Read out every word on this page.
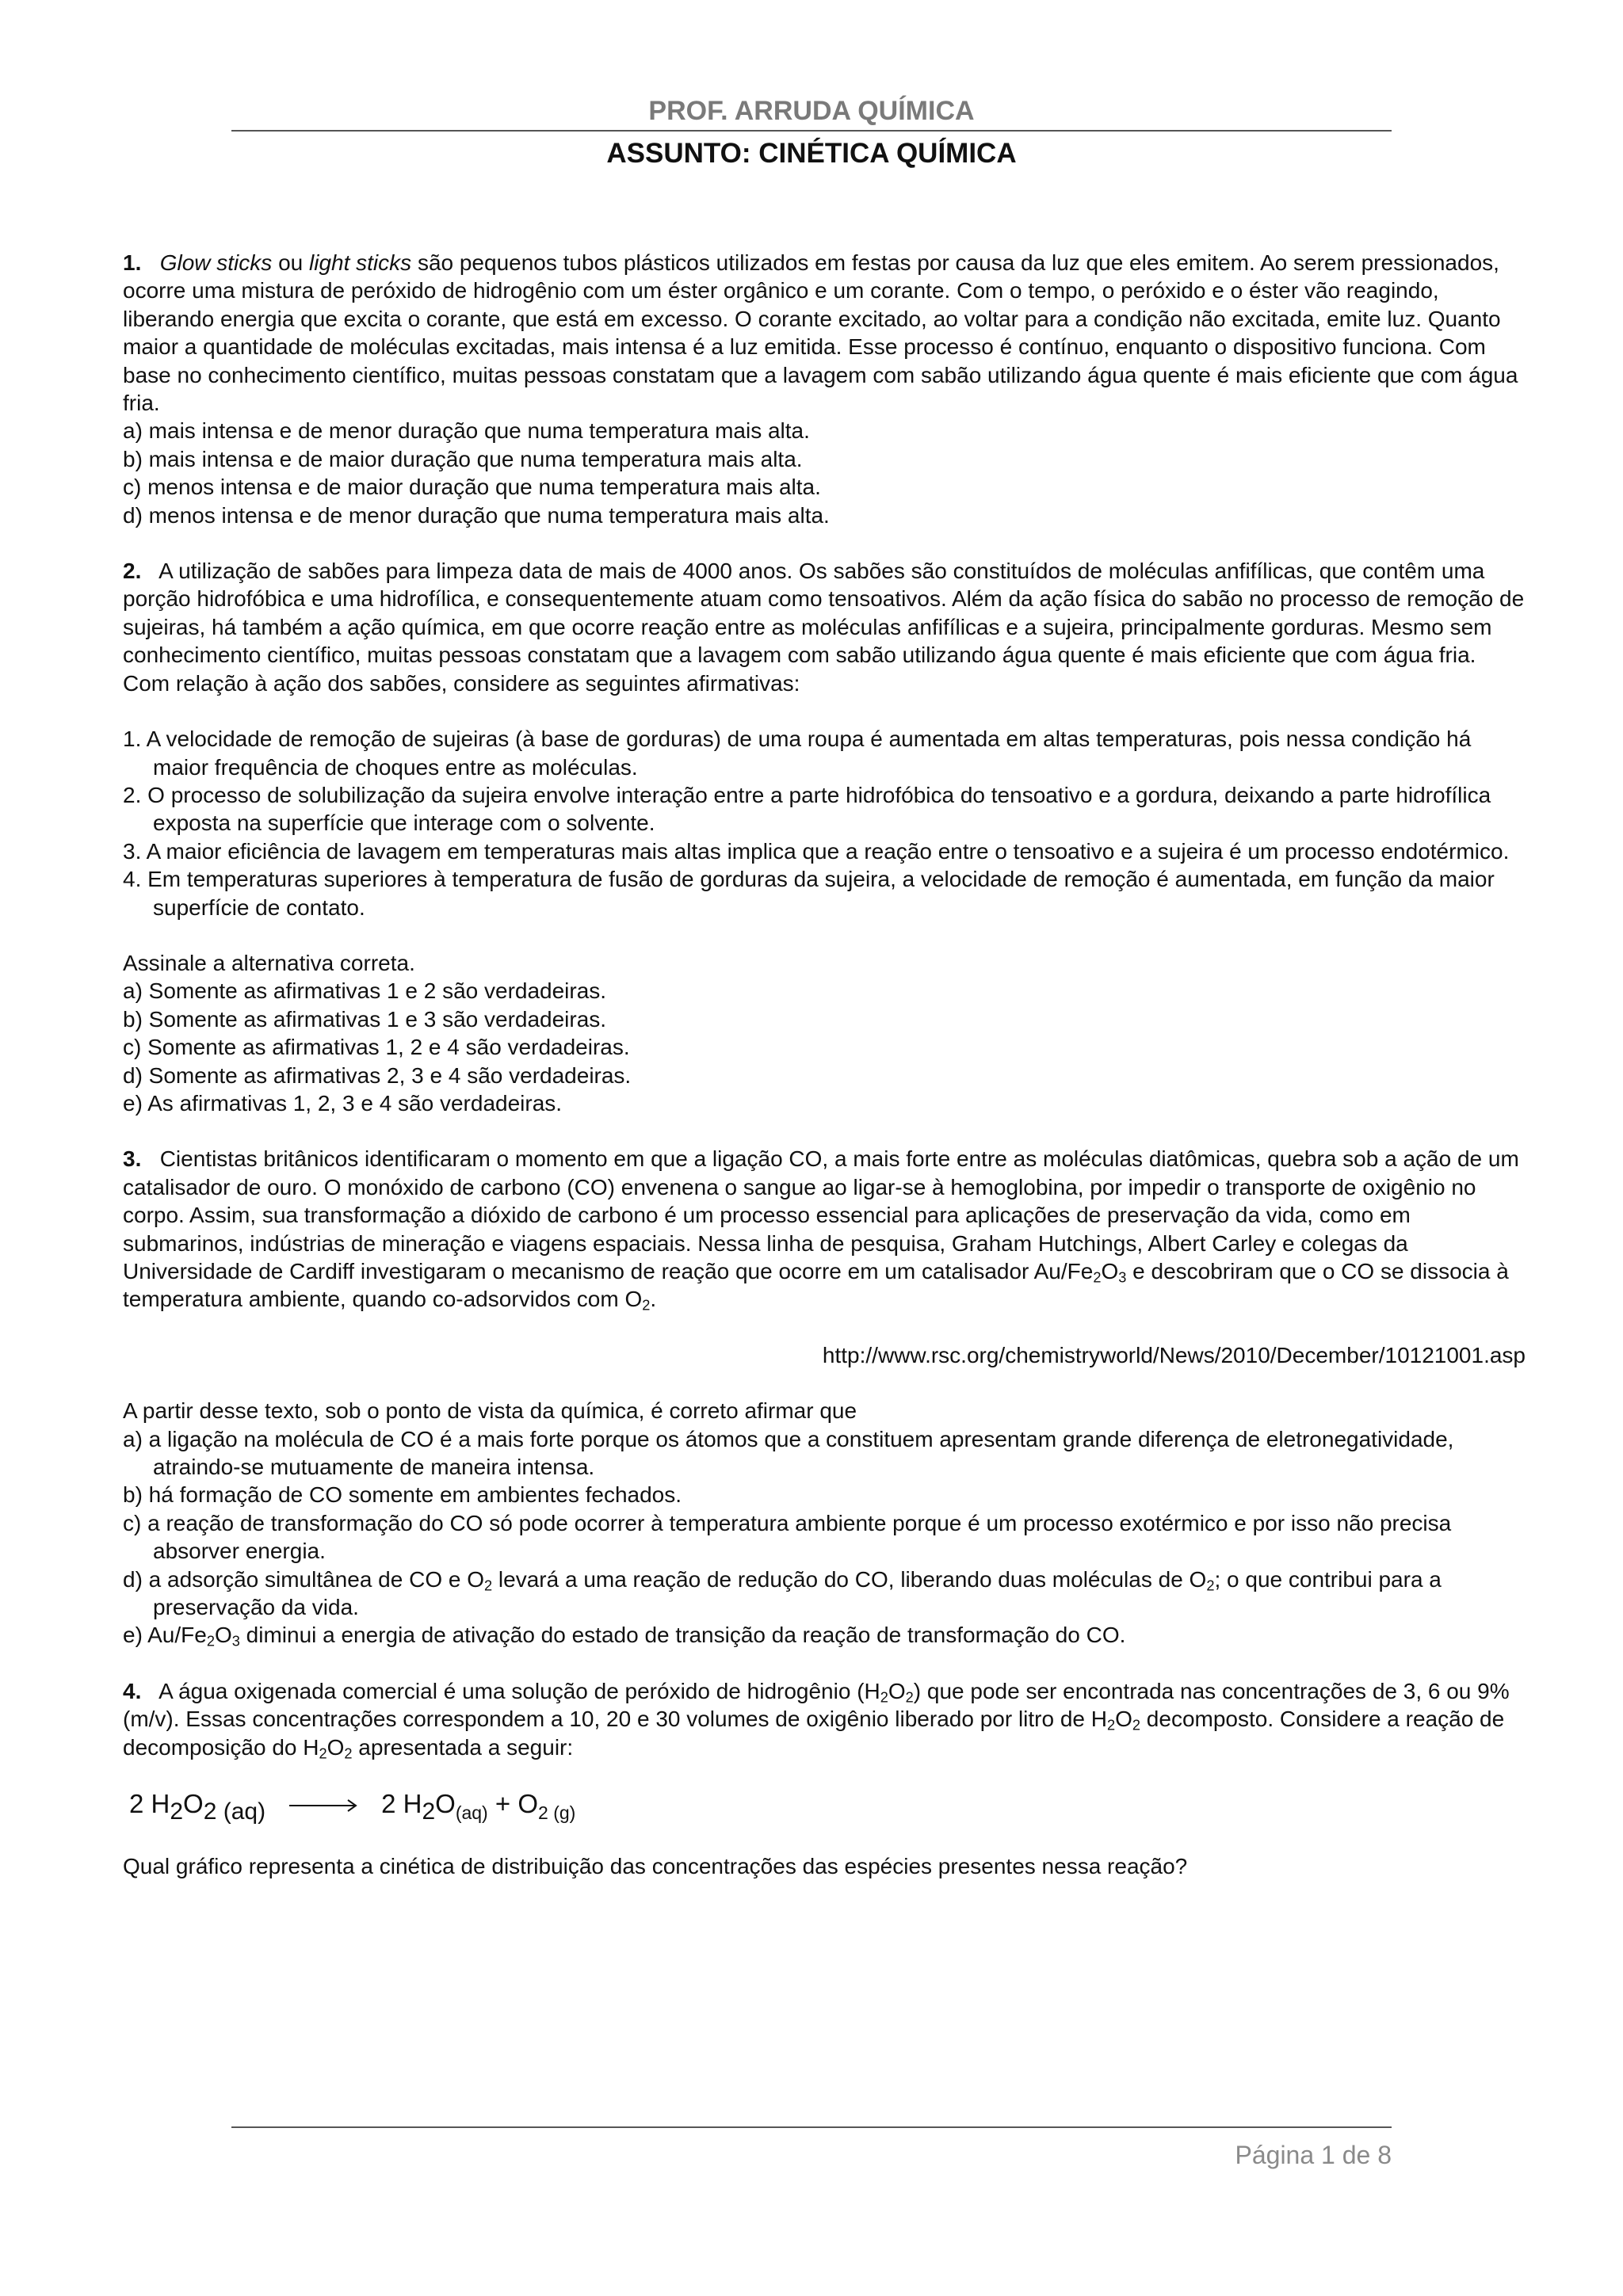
PROF. ARRUDA QUÍMICA
ASSUNTO: CINÉTICA QUÍMICA

1. Glow sticks ou light sticks são pequenos tubos plásticos utilizados em festas por causa da luz que eles emitem. Ao serem pressionados, ocorre uma mistura de peróxido de hidrogênio com um éster orgânico e um corante. Com o tempo, o peróxido e o éster vão reagindo, liberando energia que excita o corante, que está em excesso. O corante excitado, ao voltar para a condição não excitada, emite luz. Quanto maior a quantidade de moléculas excitadas, mais intensa é a luz emitida. Esse processo é contínuo, enquanto o dispositivo funciona. Com base no conhecimento científico, muitas pessoas constatam que a lavagem com sabão utilizando água quente é mais eficiente que com água fria.

a) mais intensa e de menor duração que numa temperatura mais alta.

b) mais intensa e de maior duração que numa temperatura mais alta.

c) menos intensa e de maior duração que numa temperatura mais alta.

d) menos intensa e de menor duração que numa temperatura mais alta.

2. A utilização de sabões para limpeza data de mais de 4000 anos. Os sabões são constituídos de moléculas anfifílicas, que contêm uma porção hidrofóbica e uma hidrofílica, e consequentemente atuam como tensoativos. Além da ação física do sabão no processo de remoção de sujeiras, há também a ação química, em que ocorre reação entre as moléculas anfifílicas e a sujeira, principalmente gorduras. Mesmo sem conhecimento científico, muitas pessoas constatam que a lavagem com sabão utilizando água quente é mais eficiente que com água fria. Com relação à ação dos sabões, considere as seguintes afirmativas:

1. A velocidade de remoção de sujeiras (à base de gorduras) de uma roupa é aumentada em altas temperaturas, pois nessa condição há maior frequência de choques entre as moléculas.

2. O processo de solubilização da sujeira envolve interação entre a parte hidrofóbica do tensoativo e a gordura, deixando a parte hidrofílica exposta na superfície que interage com o solvente.

3. A maior eficiência de lavagem em temperaturas mais altas implica que a reação entre o tensoativo e a sujeira é um processo endotérmico.

4. Em temperaturas superiores à temperatura de fusão de gorduras da sujeira, a velocidade de remoção é aumentada, em função da maior superfície de contato.

Assinale a alternativa correta.

a) Somente as afirmativas 1 e 2 são verdadeiras.

b) Somente as afirmativas 1 e 3 são verdadeiras.

c) Somente as afirmativas 1, 2 e 4 são verdadeiras.

d) Somente as afirmativas 2, 3 e 4 são verdadeiras.

e) As afirmativas 1, 2, 3 e 4 são verdadeiras.

3. Cientistas britânicos identificaram o momento em que a ligação CO, a mais forte entre as moléculas diatômicas, quebra sob a ação de um catalisador de ouro. O monóxido de carbono (CO) envenena o sangue ao ligar-se à hemoglobina, por impedir o transporte de oxigênio no corpo. Assim, sua transformação a dióxido de carbono é um processo essencial para aplicações de preservação da vida, como em submarinos, indústrias de mineração e viagens espaciais. Nessa linha de pesquisa, Graham Hutchings, Albert Carley e colegas da Universidade de Cardiff investigaram o mecanismo de reação que ocorre em um catalisador $Au/Fe_2O_3$ e descobriram que o CO se dissocia à temperatura ambiente, quando co-adsorvidos com $O_2$.

http://www.rsc.org/chemistryworld/News/2010/December/10121001.asp

A partir desse texto, sob o ponto de vista da química, é correto afirmar que

a) a ligação na molécula de CO é a mais forte porque os átomos que a constituem apresentam grande diferença de eletronegatividade, atraindo-se mutuamente de maneira intensa.

b) há formação de CO somente em ambientes fechados.

c) a reação de transformação do CO só pode ocorrer à temperatura ambiente porque é um processo exotérmico e por isso não precisa absorver energia.

d) a adsorção simultânea de CO e $O_2$ levará a uma reação de redução do CO, liberando duas moléculas de $O_2$; o que contribui para a preservação da vida.

e) $Au/Fe_2O_3$ diminui a energia de ativação do estado de transição da reação de transformação do CO.

4. A água oxigenada comercial é uma solução de peróxido de hidrogênio $(H_2O_2)$ que pode ser encontrada nas concentrações de 3, 6 ou 9% (m/v). Essas concentrações correspondem a 10, 20 e 30 volumes de oxigênio liberado por litro de $H_2O_2$ decomposto. Considere a reação de decomposição do $H_2O_2$ apresentada a seguir:

2 H2O2 (aq) → 2 $H2O_{(aq)} + O_{2 (g)}$

Qual gráfico representa a cinética de distribuição das concentrações das espécies presentes nessa reação?

Página 1 de 8
